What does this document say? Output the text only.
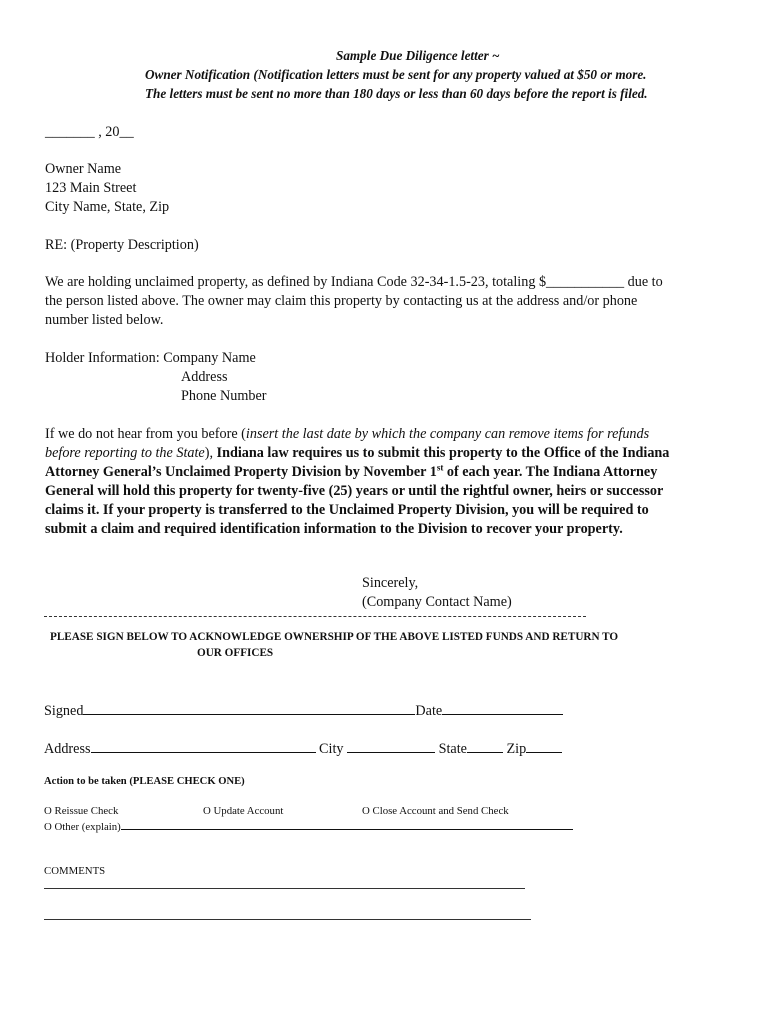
Sample Due Diligence letter ~
Owner Notification (Notification letters must be sent for any property valued at $50 or more.
The letters must be sent no more than 180 days or less than 60 days before the report is filed.
_______ , 20__
Owner Name
123 Main Street
City Name, State, Zip
RE: (Property Description)
We are holding unclaimed property, as defined by Indiana Code 32-34-1.5-23, totaling $___________ due to
the person listed above. The owner may claim this property by contacting us at the address and/or phone
number listed below.
Holder Information: Company Name
Address
Phone Number
If we do not hear from you before (insert the last date by which the company can remove items for refunds
before reporting to the State), Indiana law requires us to submit this property to the Office of the Indiana
Attorney General’s Unclaimed Property Division by November 1st of each year. The Indiana Attorney
General will hold this property for twenty-five (25) years or until the rightful owner, heirs or successor
claims it. If your property is transferred to the Unclaimed Property Division, you will be required to
submit a claim and required identification information to the Division to recover your property.
Sincerely,
(Company Contact Name)
PLEASE SIGN BELOW TO ACKNOWLEDGE OWNERSHIP OF THE ABOVE LISTED FUNDS AND RETURN TO
OUR OFFICES
Signed	Date
Address	City	State	Zip
Action to be taken (PLEASE CHECK ONE)
O Reissue Check	O Update Account	O Close Account and Send Check
O Other (explain)
COMMENTS
